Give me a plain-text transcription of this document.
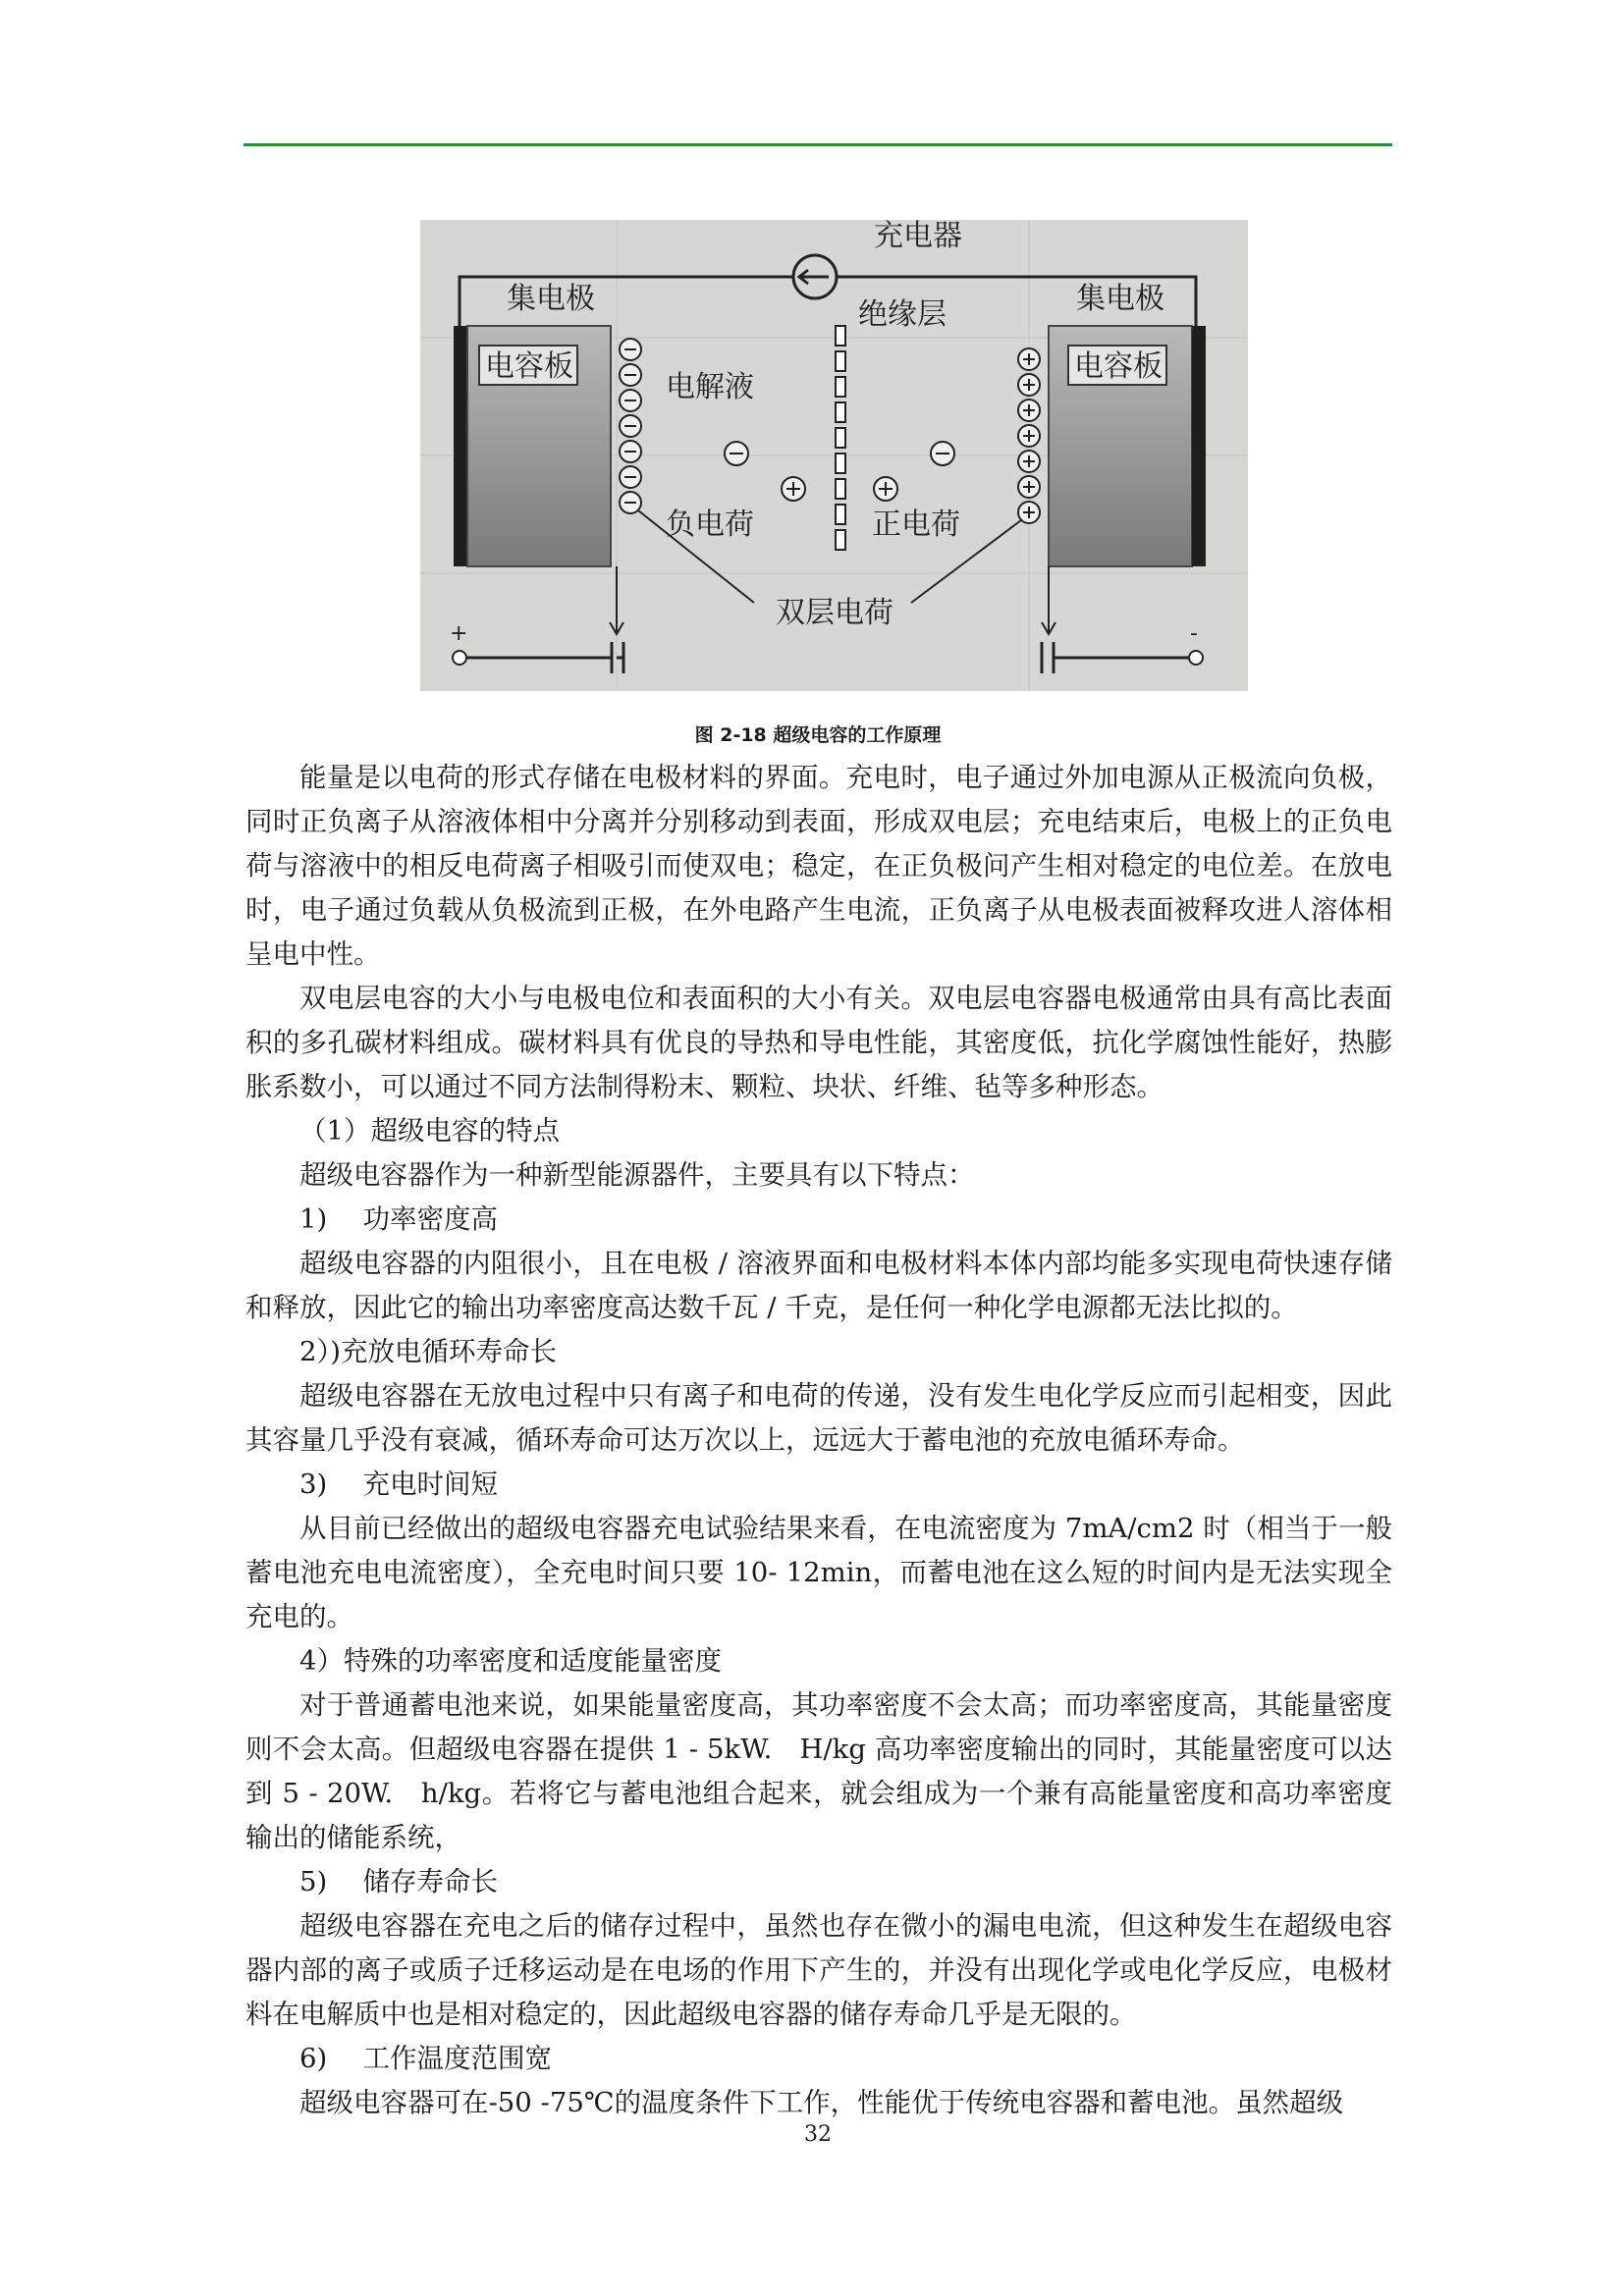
充电器
集电极
电容板
集电极
电容板
绝缘层
电解液
负电荷	正电荷
双层电荷
+	-
图 2-18 超级电容的工作原理

能量是以电荷的形式存储在电极材料的界面。充电时，电子通过外加电源从正极流向负极，同时正负离子从溶液体相中分离并分别移动到表面，形成双电层；充电结束后，电极上的正负电荷与溶液中的相反电荷离子相吸引而使双电；稳定，在正负极问产生相对稳定的电位差。在放电时，电子通过负载从负极流到正极，在外电路产生电流，正负离子从电极表面被释攻进人溶体相呈电中性。

双电层电容的大小与电极电位和表面积的大小有关。双电层电容器电极通常由具有高比表面积的多孔碳材料组成。碳材料具有优良的导热和导电性能，其密度低，抗化学腐蚀性能好，热膨胀系数小，可以通过不同方法制得粉末、颗粒、块状、纤维、毡等多种形态。

（1）超级电容的特点

超级电容器作为一种新型能源器件，主要具有以下特点：

1)　 功率密度高

超级电容器的内阻很小，且在电极 / 溶液界面和电极材料本体内部均能多实现电荷快速存储和释放，因此它的输出功率密度高达数千瓦 / 千克，是任何一种化学电源都无法比拟的。

2）)充放电循环寿命长

超级电容器在无放电过程中只有离子和电荷的传递，没有发生电化学反应而引起相变，因此其容量几乎没有衰减，循环寿命可达万次以上，远远大于蓄电池的充放电循环寿命。

3)　 充电时间短

从目前已经做出的超级电容器充电试验结果来看，在电流密度为 7mA/cm2 时（相当于一般蓄电池充电电流密度），全充电时间只要 10- 12min，而蓄电池在这么短的时间内是无法实现全充电的。

4）特殊的功率密度和适度能量密度

对于普通蓄电池来说，如果能量密度高，其功率密度不会太高；而功率密度高，其能量密度则不会太高。但超级电容器在提供 1 - 5kW.　H/kg 高功率密度输出的同时，其能量密度可以达到 5 - 20W.　h/kg。若将它与蓄电池组合起来，就会组成为一个兼有高能量密度和高功率密度输出的储能系统，

5)　 储存寿命长

超级电容器在充电之后的储存过程中，虽然也存在微小的漏电电流，但这种发生在超级电容器内部的离子或质子迁移运动是在电场的作用下产生的，并没有出现化学或电化学反应，电极材料在电解质中也是相对稳定的，因此超级电容器的储存寿命几乎是无限的。

6)　 工作温度范围宽

超级电容器可在-50 -75℃的温度条件下工作，性能优于传统电容器和蓄电池。虽然超级

32
